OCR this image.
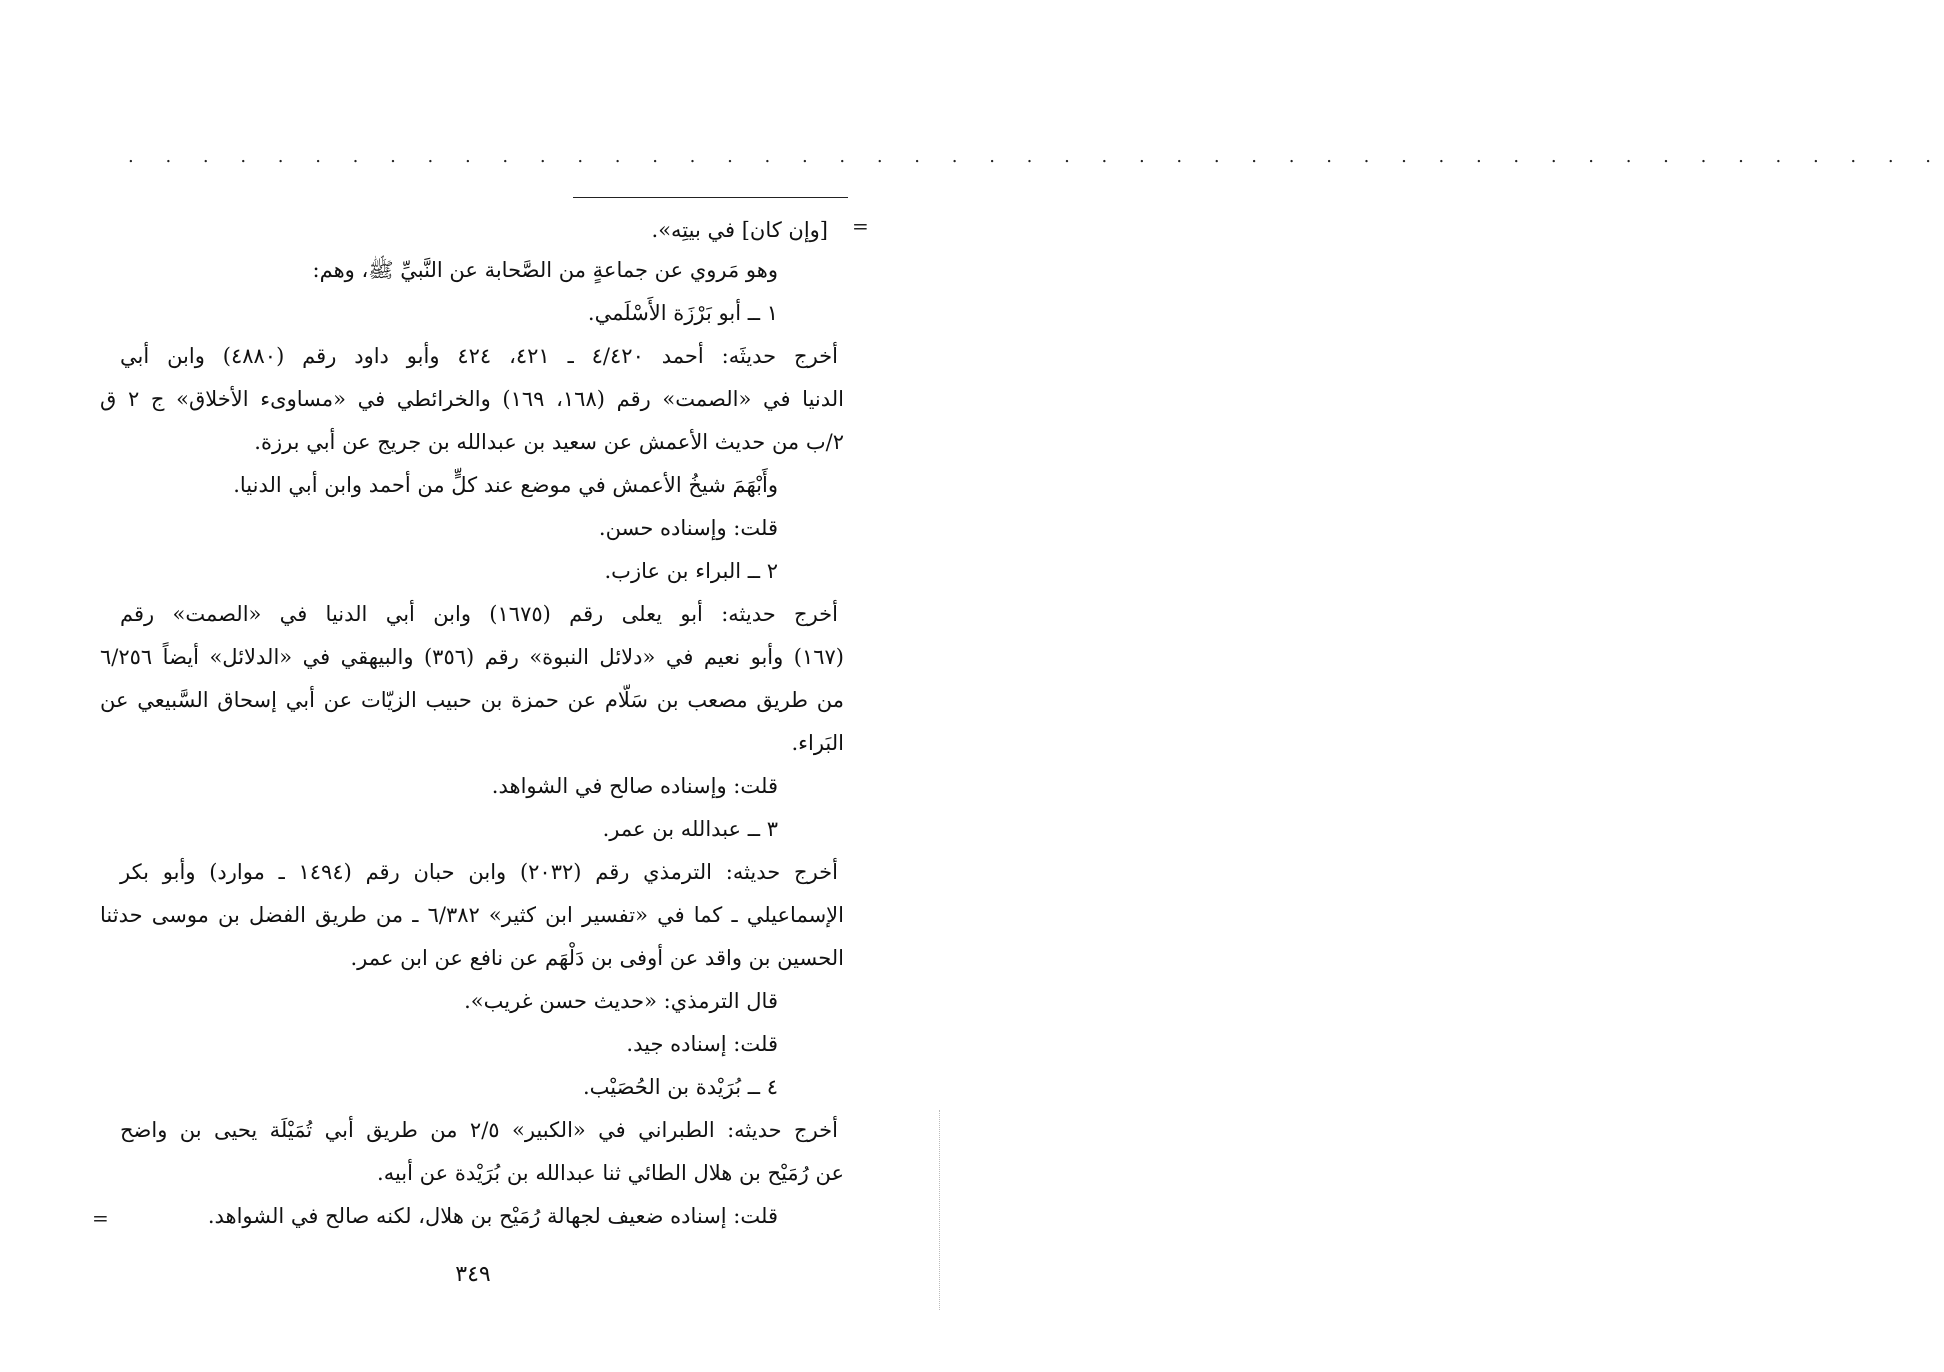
. . . . . . . . . . . . . . . . . . . . . . . . . . . . . . . . . . . . . . . . . . . . . . . . .
=
[وإن كان] في بيتِه».
وهو مَروي عن جماعةٍ من الصَّحابة عن النَّبيِّ ﷺ، وهم:
١ ــ أبو بَرْزَة الأَسْلَمي.
أخرج حديثَه: أحمد ٤/٤٢٠ ـ ٤٢١، ٤٢٤ وأبو داود رقم (٤٨٨٠) وابن أبي
الدنيا في «الصمت» رقم (١٦٨، ١٦٩) والخرائطي في «مساوىء الأخلاق» ج ٢ ق
٢/ب من حديث الأعمش عن سعيد بن عبدالله بن جريج عن أبي برزة.
وأَبْهَمَ شيخُ الأعمش في موضع عند كلٍّ من أحمد وابن أبي الدنيا.
قلت: وإسناده حسن.
٢ ــ البراء بن عازب.
أخرج حديثه: أبو يعلى رقم (١٦٧٥) وابن أبي الدنيا في «الصمت» رقم
(١٦٧) وأبو نعيم في «دلائل النبوة» رقم (٣٥٦) والبيهقي في «الدلائل» أيضاً ٦/٢٥٦
من طريق مصعب بن سَلّام عن حمزة بن حبيب الزيّات عن أبي إسحاق السَّبيعي عن
البَراء.
قلت: وإسناده صالح في الشواهد.
٣ ــ عبدالله بن عمر.
أخرج حديثه: الترمذي رقم (٢٠٣٢) وابن حبان رقم (١٤٩٤ ـ موارد) وأبو بكر
الإسماعيلي ـ كما في «تفسير ابن كثير» ٦/٣٨٢ ـ من طريق الفضل بن موسى حدثنا
الحسين بن واقد عن أوفى بن دَلْهَم عن نافع عن ابن عمر.
قال الترمذي: «حديث حسن غريب».
قلت: إسناده جيد.
٤ ــ بُرَيْدة بن الحُصَيْب.
أخرج حديثه: الطبراني في «الكبير» ٢/٥ من طريق أبي تُمَيْلَة يحيى بن واضح
عن رُمَيْح بن هلال الطائي ثنا عبدالله بن بُرَيْدة عن أبيه.
قلت: إسناده ضعيف لجهالة رُمَيْح بن هلال، لكنه صالح في الشواهد.
=
٣٤٩
